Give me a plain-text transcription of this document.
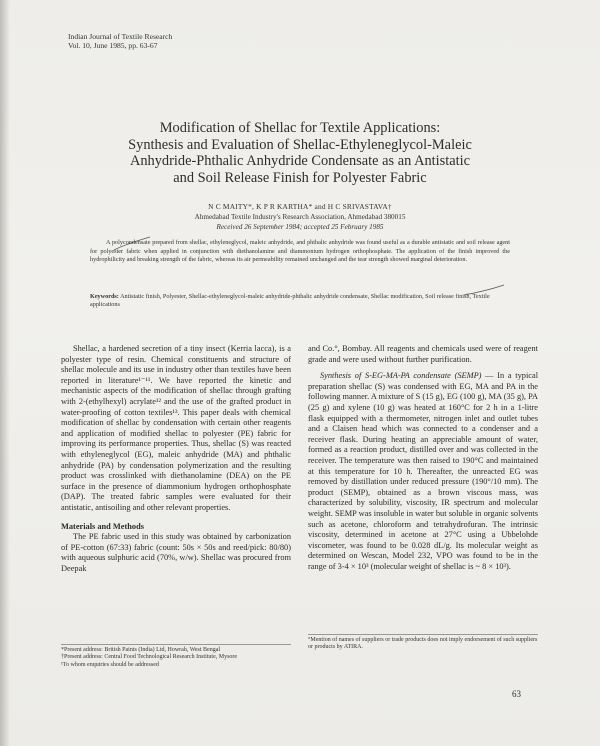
Indian Journal of Textile Research
Vol. 10, June 1985, pp. 63-67
Modification of Shellac for Textile Applications:
Synthesis and Evaluation of Shellac-Ethyleneglycol-Maleic
Anhydride-Phthalic Anhydride Condensate as an Antistatic
and Soil Release Finish for Polyester Fabric
N C MAITY*, K P R KARTHA* and H C SRIVASTAVA†
Ahmedabad Textile Industry's Research Association, Ahmedabad 380015
Received 26 September 1984; accepted 25 February 1985

A polycondensate prepared from shellac, ethyleneglycol, maleic anhydride, and phthalic anhydride was found useful as a durable antistatic and soil release agent for polyester fabric when applied in conjunction with diethanolamine and diammonium hydrogen orthophosphate. The application of the finish improved the hydrophilicity and breaking strength of the fabric, whereas its air permeability remained unchanged and the tear strength showed marginal deterioration.

Keywords: Antistatic finish, Polyester, Shellac-ethyleneglycol-maleic anhydride-phthalic anhydride condensate, Shellac modification, Soil release finish, Textile applications

Shellac, a hardened secretion of a tiny insect (Kerria lacca), is a polyester type of resin. Chemical constituents and structure of shellac molecule and its use in industry other than textiles have been reported in literature¹⁻¹¹. We have reported the kinetic and mechanistic aspects of the modification of shellac through grafting with 2-(ethylhexyl) acrylate¹² and the use of the grafted product in water-proofing of cotton textiles¹³. This paper deals with chemical modification of shellac by condensation with certain other reagents and application of modified shellac to polyester (PE) fabric for improving its performance properties. Thus, shellac (S) was reacted with ethyleneglycol (EG), maleic anhydride (MA) and phthalic anhydride (PA) by condensation polymerization and the resulting product was crosslinked with diethanolamine (DEA) on the PE surface in the presence of diammonium hydrogen orthophosphate (DAP). The treated fabric samples were evaluated for their antistatic, antisoiling and other relevant properties.

Materials and Methods

The PE fabric used in this study was obtained by carbonization of PE-cotton (67:33) fabric (count: 50s × 50s and reed/pick: 80/80) with aqueous sulphuric acid (70%, w/w). Shellac was procured from Deepak

*Present address: British Paints (India) Ltd, Howrah, West Bengal

†Present address: Central Food Technological Research Institute, Mysore

¹To whom enquiries should be addressed

and Co.°, Bombay. All reagents and chemicals used were of reagent grade and were used without further purification.

Synthesis of S-EG-MA-PA condensate (SEMP) — In a typical preparation shellac (S) was condensed with EG, MA and PA in the following manner. A mixture of S (15 g), EG (100 g), MA (35 g), PA (25 g) and xylene (10 g) was heated at 160°C for 2 h in a 1-litre flask equipped with a thermometer, nitrogen inlet and outlet tubes and a Claisen head which was connected to a condenser and a receiver flask. During heating an appreciable amount of water, formed as a reaction product, distilled over and was collected in the receiver. The temperature was then raised to 190°C and maintained at this temperature for 10 h. Thereafter, the unreacted EG was removed by distillation under reduced pressure (190°/10 mm). The product (SEMP), obtained as a brown viscous mass, was characterized by solubility, viscosity, IR spectrum and molecular weight. SEMP was insoluble in water but soluble in organic solvents such as acetone, chloroform and tetrahydrofuran. The intrinsic viscosity, determined in acetone at 27°C using a Ubbelohde viscometer, was found to be 0.028 dL/g. Its molecular weight as determined on Wescan, Model 232, VPO was found to be in the range of 3-4 × 10³ (molecular weight of shellac is ~ 8 × 10³).

°Mention of names of suppliers or trade products does not imply endorsement of such suppliers or products by ATIRA.

63
